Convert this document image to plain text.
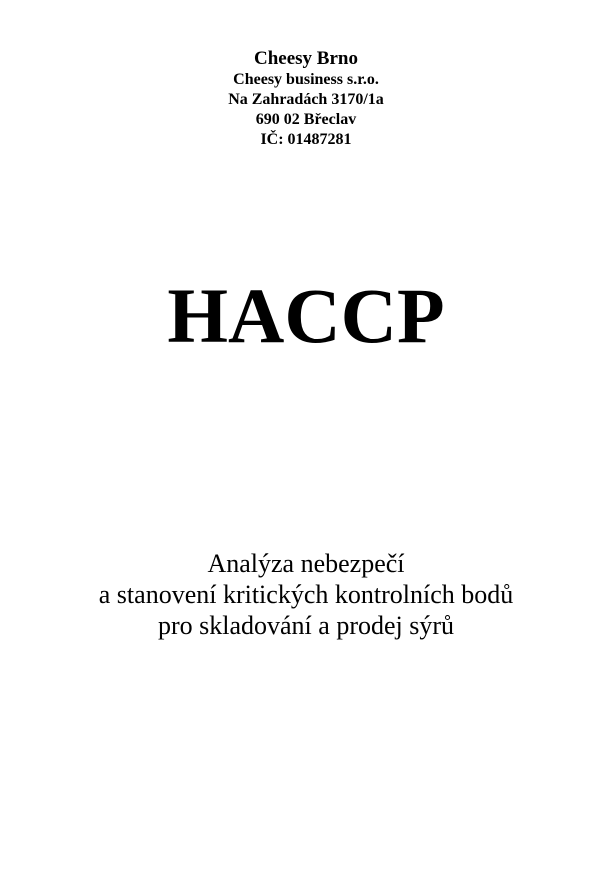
Cheesy Brno

Cheesy business s.r.o.

Na Zahradách 3170/1a

690 02 Břeclav

IČ: 01487281

HACCP

Analýza nebezpečí

a stanovení kritických kontrolních bodů

pro skladování a prodej sýrů
